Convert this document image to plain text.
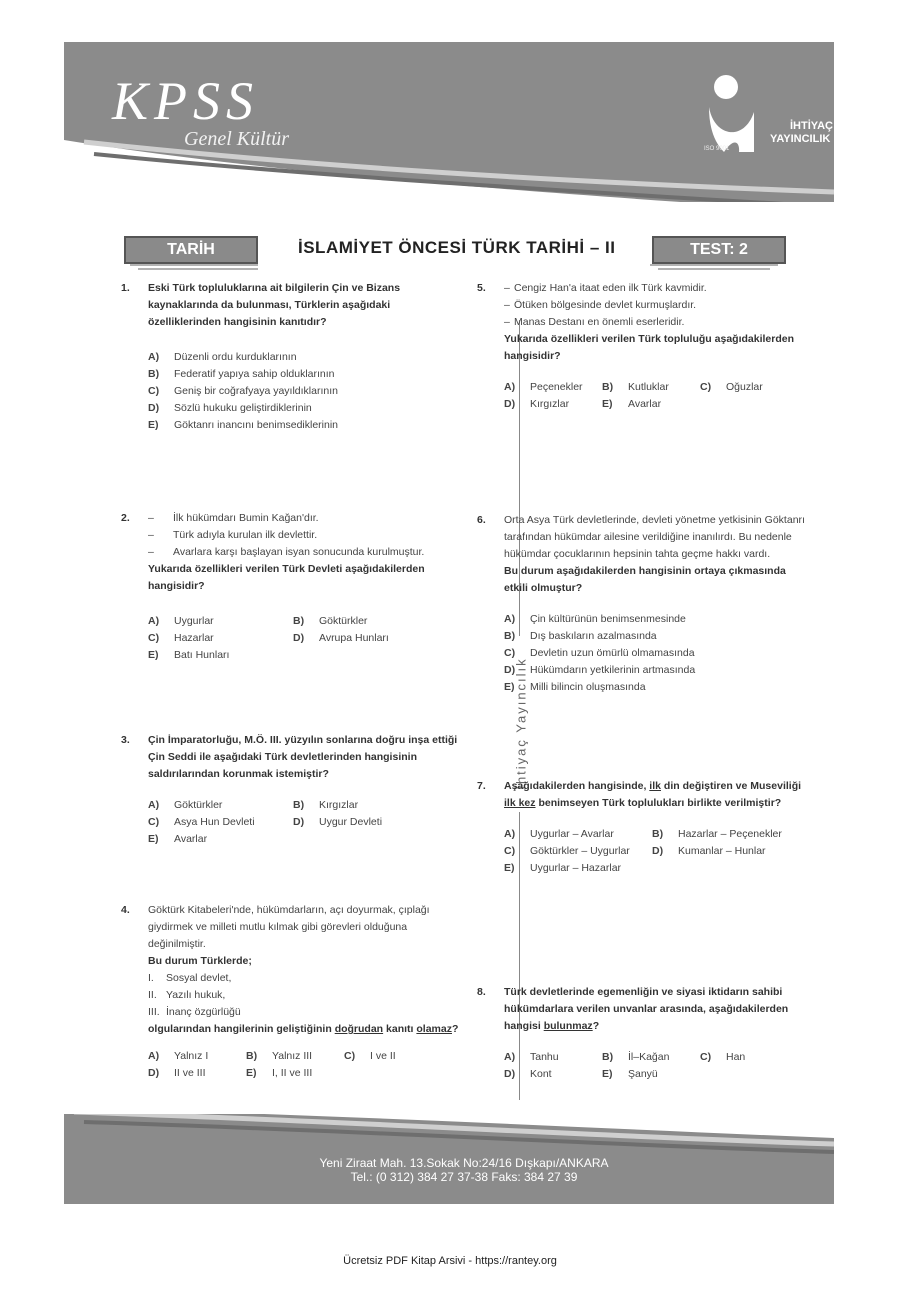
KPSS
Genel Kültür
İHTİYAÇ
YAYINCILIK
ISO 9001
TARİH	İSLAMİYET ÖNCESİ TÜRK TARİHİ – II	TEST: 2
İhtiyaç Yayıncılık
1. Eski Türk topluluklarına ait bilgilerin Çin ve Bizans kaynaklarında da bulunması, Türklerin aşağıdaki özelliklerinden hangisinin kanıtıdır?
A)	Düzenli ordu kurduklarının
B)	Federatif yapıya sahip olduklarının
C)	Geniş bir coğrafyaya yayıldıklarının
D)	Sözlü hukuku geliştirdiklerinin
E)	Göktanrı inancını benimsediklerinin
2. –	İlk hükümdarı Bumin Kağan'dır.
–	Türk adıyla kurulan ilk devlettir.
–	Avarlara karşı başlayan isyan sonucunda kurulmuştur.
Yukarıda özellikleri verilen Türk Devleti aşağıdakilerden hangisidir?
A)	Uygurlar	B)	Göktürkler
C)	Hazarlar	D)	Avrupa Hunları
E)	Batı Hunları
3. Çin İmparatorluğu, M.Ö. III. yüzyılın sonlarına doğru inşa ettiği Çin Seddi ile aşağıdaki Türk devletlerinden hangisinin saldırılarından korunmak istemiştir?
A)	Göktürkler	B)	Kırgızlar
C)	Asya Hun Devleti	D)	Uygur Devleti
E)	Avarlar
4. Göktürk Kitabeleri'nde, hükümdarların, açı doyurmak, çıplağı giydirmek ve milleti mutlu kılmak gibi görevleri olduğuna değinilmiştir.
Bu durum Türklerde;
I.	Sosyal devlet,
II. Yazılı hukuk,
III. İnanç özgürlüğü
olgularından hangilerinin geliştiğinin doğrudan kanıtı olamaz?
A)	Yalnız I	B)	Yalnız III	C)	I ve II
D)	II ve III	E)	I, II ve III
5. – Cengiz Han'a itaat eden ilk Türk kavmidir.
– Ötüken bölgesinde devlet kurmuşlardır.
– Manas Destanı en önemli eserleridir.
Yukarıda özellikleri verilen Türk topluluğu aşağıdakilerden hangisidir?
A)	Peçenekler B)	Kutluklar	C)	Oğuzlar
D)	Kırgızlar	E)	Avarlar
6. Orta Asya Türk devletlerinde, devleti yönetme yetkisinin Göktanrı tarafından hükümdar ailesine verildiğine inanılırdı. Bu nedenle hükümdar çocuklarının hepsinin tahta geçme hakkı vardı.
Bu durum aşağıdakilerden hangisinin ortaya çıkmasında etkili olmuştur?
A)	Çin kültürünün benimsenmesinde
B)	Dış baskıların azalmasında
C)	Devletin uzun ömürlü olmamasında
D)	Hükümdarın yetkilerinin artmasında
E)	Milli bilincin oluşmasında
7. Aşağıdakilerden hangisinde, ilk din değiştiren ve Museviliği ilk kez benimseyen Türk toplulukları birlikte verilmiştir?
A)	Uygurlar – Avarlar	B)	Hazarlar – Peçenekler
C)	Göktürkler – Uygurlar D)	Kumanlar – Hunlar
E)	Uygurlar – Hazarlar
8. Türk devletlerinde egemenliğin ve siyasi iktidarın sahibi hükümdarlara verilen unvanlar arasında, aşağıdakilerden hangisi bulunmaz?
A)	Tanhu	B)	İl–Kağan	C)	Han
D)	Kont	E)	Şanyü
Yeni Ziraat Mah. 13.Sokak No:24/16 Dışkapı/ANKARA
Tel.: (0 312) 384 27 37-38 Faks: 384 27 39
Ücretsiz PDF Kitap Arsivi - https://rantey.org
